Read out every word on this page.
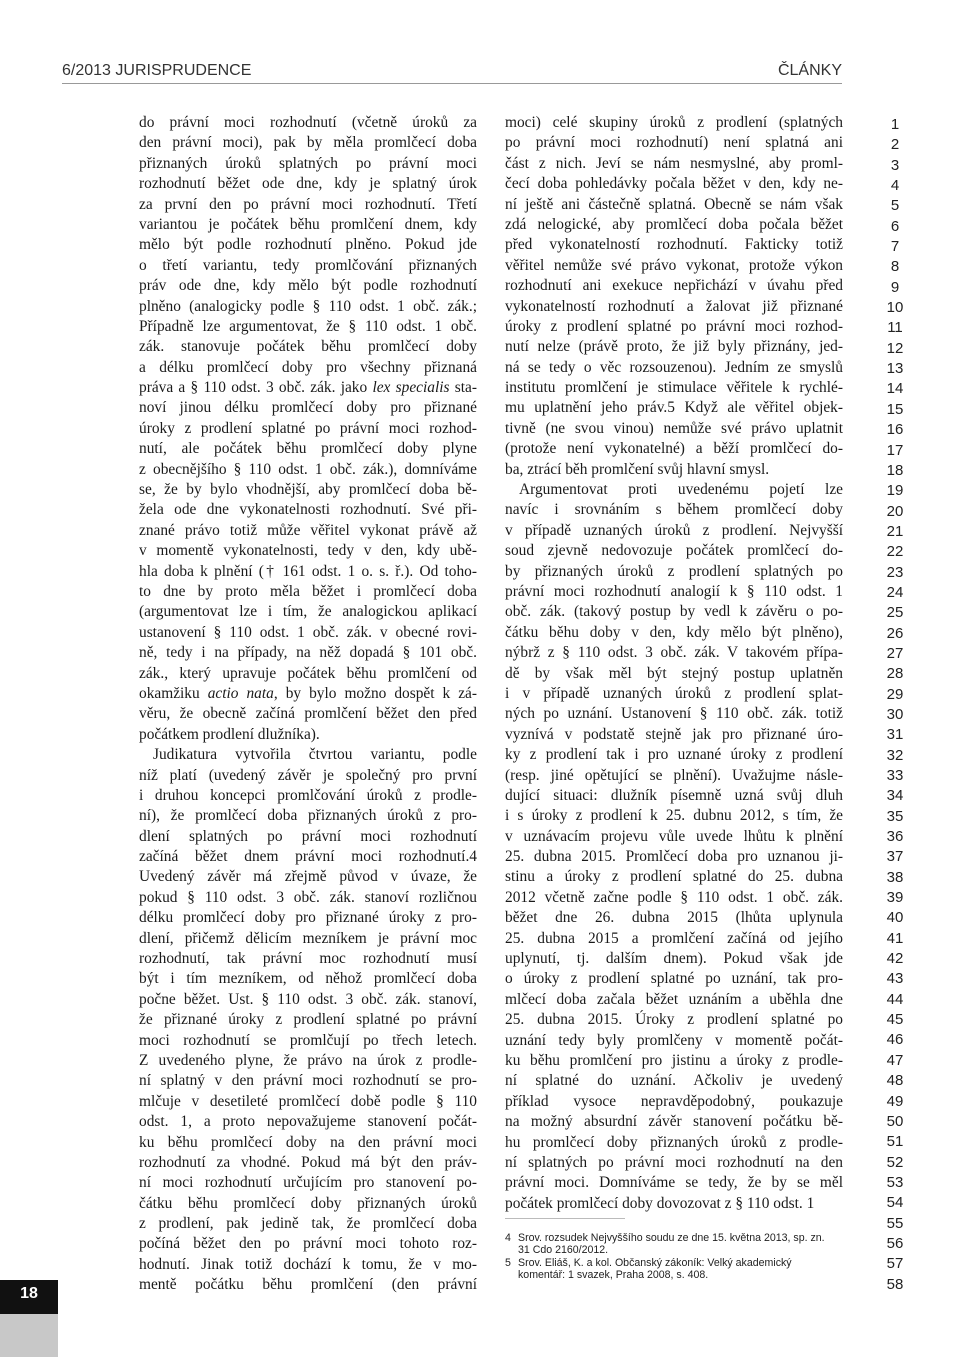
6/2013 JURISPRUDENCE	ČLÁNKY
do právní moci rozhodnutí (včetně úroků za
den právní moci), pak by měla promlčecí doba
přiznaných úroků splatných po právní moci
rozhodnutí běžet ode dne, kdy je splatný úrok
za první den po právní moci rozhodnutí. Třetí
variantou je počátek běhu promlčení dnem, kdy
mělo být podle rozhodnutí plněno. Pokud jde
o třetí variantu, tedy promlčování přiznaných
práv ode dne, kdy mělo být podle rozhodnutí
plněno (analogicky podle § 110 odst. 1 obč. zák.;
Případně lze argumentovat, že § 110 odst. 1 obč.
zák. stanovuje počátek běhu promlčecí doby
a délku promlčecí doby pro všechny přiznaná
práva a § 110 odst. 3 obč. zák. jako lex specialis sta-
noví jinou délku promlčecí doby pro přiznané
úroky z prodlení splatné po právní moci rozhod-
nutí, ale počátek běhu promlčecí doby plyne
z obecnějšího § 110 odst. 1 obč. zák.), domníváme
se, že by bylo vhodnější, aby promlčecí doba bě-
žela ode dne vykonatelnosti rozhodnutí. Své při-
znané právo totiž může věřitel vykonat právě až
v momentě vykonatelnosti, tedy v den, kdy ubě-
hla doba k plnění († 161 odst. 1 o. s. ř.). Od toho-
to dne by proto měla běžet i promlčecí doba
(argumentovat lze i tím, že analogickou aplikací
ustanovení § 110 odst. 1 obč. zák. v obecné rovi-
ně, tedy i na případy, na něž dopadá § 101 obč.
zák., který upravuje počátek běhu promlčení od
okamžiku actio nata, by bylo možno dospět k zá-
věru, že obecně začíná promlčení běžet den před
počátkem prodlení dlužníka).
Judikatura vytvořila čtvrtou variantu, podle
níž platí (uvedený závěr je společný pro první
i druhou koncepci promlčování úroků z prodle-
ní), že promlčecí doba přiznaných úroků z pro-
dlení splatných po právní moci rozhodnutí
začíná běžet dnem právní moci rozhodnutí.4
Uvedený závěr má zřejmě původ v úvaze, že
pokud § 110 odst. 3 obč. zák. stanoví rozličnou
délku promlčecí doby pro přiznané úroky z pro-
dlení, přičemž dělicím mezníkem je právní moc
rozhodnutí, tak právní moc rozhodnutí musí
být i tím mezníkem, od něhož promlčecí doba
počne běžet. Ust. § 110 odst. 3 obč. zák. stanoví,
že přiznané úroky z prodlení splatné po právní
moci rozhodnutí se promlčují po třech letech.
Z uvedeného plyne, že právo na úrok z prodle-
ní splatný v den právní moci rozhodnutí se pro-
mlčuje v desetileté promlčecí době podle § 110
odst. 1, a proto nepovažujeme stanovení počát-
ku běhu promlčecí doby na den právní moci
rozhodnutí za vhodné. Pokud má být den práv-
ní moci rozhodnutí určujícím pro stanovení po-
čátku běhu promlčecí doby přiznaných úroků
z prodlení, pak jedině tak, že promlčecí doba
počíná běžet den po právní moci tohoto roz-
hodnutí. Jinak totiž dochází k tomu, že v mo-
mentě počátku běhu promlčení (den právní
moci) celé skupiny úroků z prodlení (splatných
po právní moci rozhodnutí) není splatná ani
část z nich. Jeví se nám nesmyslné, aby proml-
čecí doba pohledávky počala běžet v den, kdy ne-
ní ještě ani částečně splatná. Obecně se nám však
zdá nelogické, aby promlčecí doba počala běžet
před vykonatelností rozhodnutí. Fakticky totiž
věřitel nemůže své právo vykonat, protože výkon
rozhodnutí ani exekuce nepřichází v úvahu před
vykonatelností rozhodnutí a žalovat již přiznané
úroky z prodlení splatné po právní moci rozhod-
nutí nelze (právě proto, že již byly přiznány, jed-
ná se tedy o věc rozsouzenou). Jedním ze smyslů
institutu promlčení je stimulace věřitele k rychlé-
mu uplatnění jeho práv.5 Když ale věřitel objek-
tivně (ne svou vinou) nemůže své právo uplatnit
(protože není vykonatelné) a běží promlčecí do-
ba, ztrácí běh promlčení svůj hlavní smysl.
Argumentovat proti uvedenému pojetí lze
navíc i srovnáním s během promlčecí doby
v případě uznaných úroků z prodlení. Nejvyšší
soud zjevně nedovozuje počátek promlčecí do-
by přiznaných úroků z prodlení splatných po
právní moci rozhodnutí analogií k § 110 odst. 1
obč. zák. (takový postup by vedl k závěru o po-
čátku běhu doby v den, kdy mělo být plněno),
nýbrž z § 110 odst. 3 obč. zák. V takovém přípa-
dě by však měl být stejný postup uplatněn
i v případě uznaných úroků z prodlení splat-
ných po uznání. Ustanovení § 110 obč. zák. totiž
vyznívá v podstatě stejně jak pro přiznané úro-
ky z prodlení tak i pro uznané úroky z prodlení
(resp. jiné opětující se plnění). Uvažujme násle-
dující situaci: dlužník písemně uzná svůj dluh
i s úroky z prodlení k 25. dubnu 2012, s tím, že
v uznávacím projevu vůle uvede lhůtu k plnění
25. dubna 2015. Promlčecí doba pro uznanou ji-
stinu a úroky z prodlení splatné do 25. dubna
2012 včetně začne podle § 110 odst. 1 obč. zák.
běžet dne 26. dubna 2015 (lhůta uplynula
25. dubna 2015 a promlčení začíná od jejího
uplynutí, tj. dalším dnem). Pokud však jde
o úroky z prodlení splatné po uznání, tak pro-
mlčecí doba začala běžet uznáním a uběhla dne
25. dubna 2015. Úroky z prodlení splatné po
uznání tedy byly promlčeny v momentě počát-
ku běhu promlčení pro jistinu a úroky z prodle-
ní splatné do uznání. Ačkoliv je uvedený
příklad vysoce nepravděpodobný, poukazuje
na možný absurdní závěr stanovení počátku bě-
hu promlčecí doby přiznaných úroků z prodle-
ní splatných po právní moci rozhodnutí na den
právní moci. Domníváme se tedy, že by se měl
počátek promlčecí doby dovozovat z § 110 odst. 1
4 Srov. rozsudek Nejvyššího soudu ze dne 15. května 2013, sp. zn. 31 Cdo 2160/2012.
5 Srov. Eliáš, K. a kol. Občanský zákoník: Velký akademický komentář: 1 svazek, Praha 2008, s. 408.
1
2
3
4
5
6
7
8
9
10
11
12
13
14
15
16
17
18
19
20
21
22
23
24
25
26
27
28
29
30
31
32
33
34
35
36
37
38
39
40
41
42
43
44
45
46
47
48
49
50
51
52
53
54
55
56
57
58
18
